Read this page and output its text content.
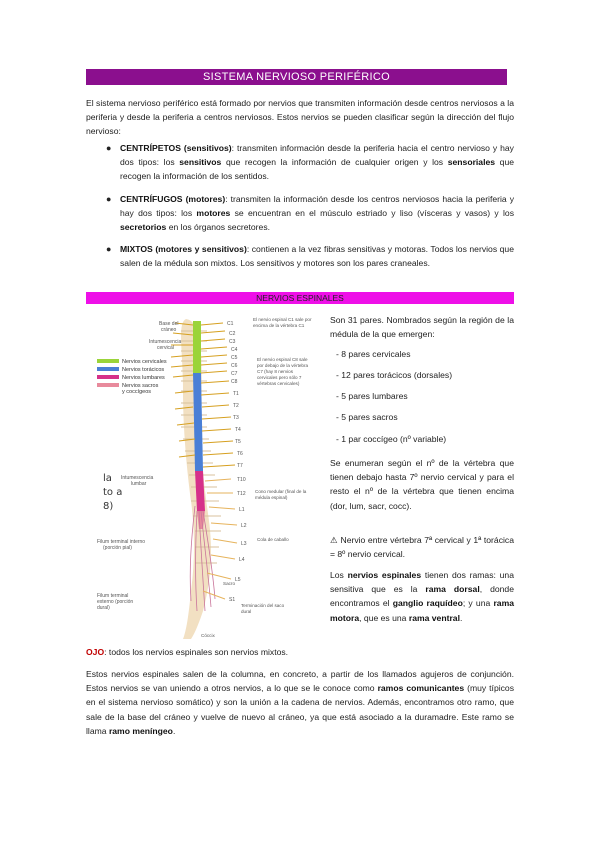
SISTEMA NERVIOSO PERIFÉRICO
El sistema nervioso periférico está formado por nervios que transmiten información desde centros nerviosos a la periferia y desde la periferia a centros nerviosos. Estos nervios se pueden clasificar según la dirección del flujo nervioso:
● CENTRÍPETOS (sensitivos): transmiten información desde la periferia hacia el centro nervioso y hay dos tipos: los sensitivos que recogen la información de cualquier origen y los sensoriales que recogen la información de los sentidos.
● CENTRÍFUGOS (motores): transmiten la información desde los centros nerviosos hacia la periferia y hay dos tipos: los motores se encuentran en el músculo estriado y liso (vísceras y vasos) y los secretorios en los órganos secretores.
● MIXTOS (motores y sensitivos): contienen a la vez fibras sensitivas y motoras. Todos los nervios que salen de la médula son mixtos. Los sensitivos y motores son los pares craneales.
NERVIOS ESPINALES
C1
C2
C3
C4
C5
C6
C7
C8
T1
T2
T3
T4
T5
T6
T7
T10
T12
L1
L2
L3
L4
L5
S1
Nervios cervicales
Nervios torácicos
Nervios lumbares
Nervios sacros
y coccígeos
Base del
cráneo
Intumescencia
cervical
Intumescencia
lumbar
Filum terminal interno
(porción pial)
Filum terminal
externo (porción
dural)
El nervio espinal C1 sale por
encima de la vértebra C1
El nervio espinal C8 sale
por debajo de la vértebra
C7 (hay 8 nervios
cervicales pero sólo 7
vértebras cervicales)
Cono medular (final de la
médula espinal)
Cola de caballo
Terminación del saco
dural
Sacro
Cóccix
la
to a
8)
Son 31 pares. Nombrados según la región de la médula de la que emergen:
- 8 pares cervicales
- 12 pares torácicos (dorsales)
- 5 pares lumbares
- 5 pares sacros
- 1 par coccígeo (nº variable)
Se enumeran según el nº de la vértebra que tienen debajo hasta 7º nervio cervical y para el resto el nº de la vértebra que tienen encima (dor, lum, sacr, cocc).
⚠ Nervio entre vértebra 7ª cervical y 1ª torácica = 8º nervio cervical.
Los nervios espinales tienen dos ramas: una sensitiva que es la rama dorsal, donde encontramos el ganglio raquídeo; y una rama motora, que es una rama ventral.
OJO: todos los nervios espinales son nervios mixtos.
Estos nervios espinales salen de la columna, en concreto, a partir de los llamados agujeros de conjunción. Estos nervios se van uniendo a otros nervios, a lo que se le conoce como ramos comunicantes (muy típicos en el sistema nervioso somático) y son la unión a la cadena de nervios. Además, encontramos otro ramo, que sale de la base del cráneo y vuelve de nuevo al cráneo, ya que está asociado a la duramadre. Este ramo se llama ramo meníngeo.
